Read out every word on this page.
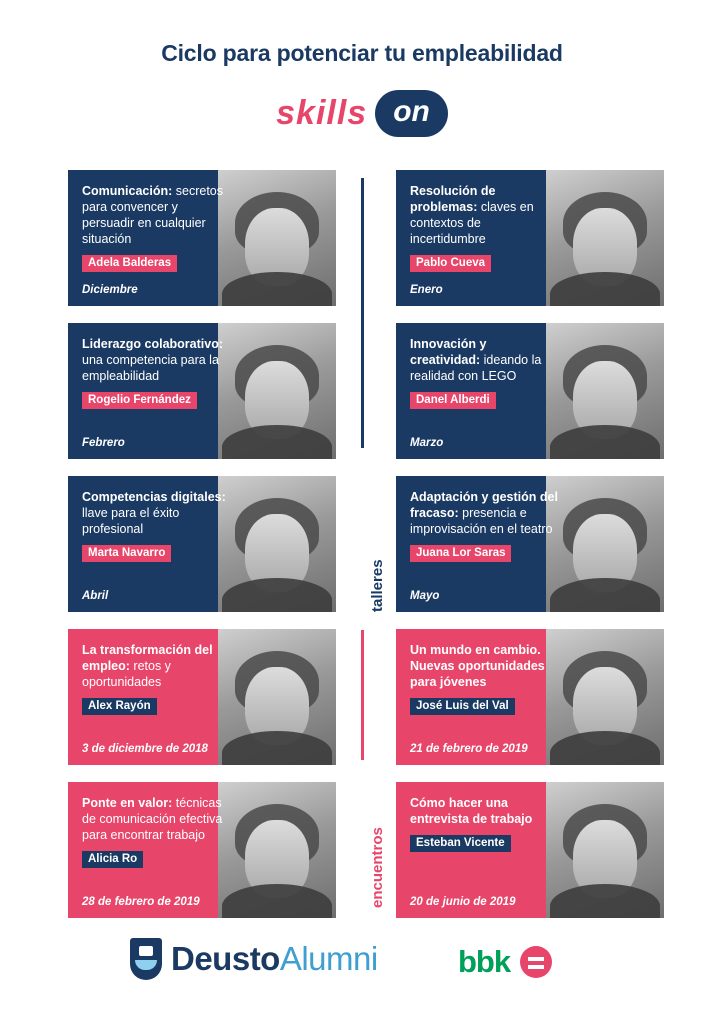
Ciclo para potenciar tu empleabilidad
skills on

Comunicación: secretos para convencer y persuadir en cualquier situación

Adela Balderas
Diciembre

Liderazgo colaborativo: una competencia para la empleabilidad

Rogelio Fernández
Febrero

Competencias digitales: llave para el éxito profesional

Marta Navarro
Abril

La transformación del empleo: retos y oportunidades

Alex Rayón
3 de diciembre de 2018

Ponte en valor: técnicas de comunicación efectiva para encontrar trabajo

Alicia Ro
28 de febrero de 2019

Resolución de problemas: claves en contextos de incertidumbre

Pablo Cueva
Enero

Innovación y creatividad: ideando la realidad con LEGO

Danel Alberdi
Marzo

Adaptación y gestión del fracaso: presencia e improvisación en el teatro

Juana Lor Saras
Mayo

Un mundo en cambio. Nuevas oportunidades para jóvenes

José Luis del Val
21 de febrero de 2019

Cómo hacer una entrevista de trabajo

Esteban Vicente
20 de junio de 2019
talleres
encuentros
Deusto Alumni	bbk
